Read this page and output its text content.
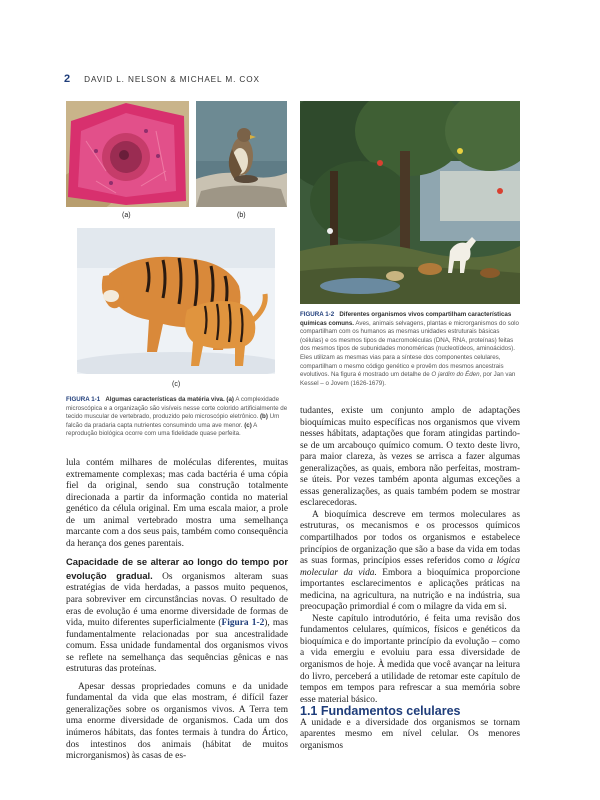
2 DAVID L. NELSON & MICHAEL M. COX
(a)	(b)
(c)
FIGURA 1-1 Algumas características da matéria viva. (a) A complexidade microscópica e a organização são visíveis nesse corte colorido artificialmente de tecido muscular de vertebrado, produzido pelo microscópio eletrônico. (b) Um falcão da pradaria capta nutrientes consumindo uma ave menor. (c) A reprodução biológica ocorre com uma fidelidade quase perfeita.
FIGURA 1-2 Diferentes organismos vivos compartilham características químicas comuns. Aves, animais selvagens, plantas e microrganismos do solo compartilham com os humanos as mesmas unidades estruturais básicas (células) e os mesmos tipos de macromoléculas (DNA, RNA, proteínas) feitas dos mesmos tipos de subunidades monoméricas (nucleotídeos, aminoácidos). Eles utilizam as mesmas vias para a síntese dos componentes celulares, compartilham o mesmo código genético e provêm dos mesmos ancestrais evolutivos. Na figura é mostrado um detalhe de O jardim do Éden, por Jan van Kessel – o Jovem (1626-1679).

lula contém milhares de moléculas diferentes, muitas extremamente complexas; mas cada bactéria é uma cópia fiel da original, sendo sua construção totalmente direcionada a partir da informação contida no material genético da célula original. Em uma escala maior, a prole de um animal vertebrado mostra uma semelhança marcante com a dos seus pais, também como consequência da herança dos genes parentais.

Capacidade de se alterar ao longo do tempo por evolução gradual. Os organismos alteram suas estratégias de vida herdadas, a passos muito pequenos, para sobreviver em circunstâncias novas. O resultado de eras de evolução é uma enorme diversidade de formas de vida, muito diferentes superficialmente (Figura 1-2), mas fundamentalmente relacionadas por sua ancestralidade comum. Essa unidade fundamental dos organismos vivos se reflete na semelhança das sequências gênicas e nas estruturas das proteínas.

Apesar dessas propriedades comuns e da unidade fundamental da vida que elas mostram, é difícil fazer generalizações sobre os organismos vivos. A Terra tem uma enorme diversidade de organismos. Cada um dos inúmeros hábitats, das fontes termais à tundra do Ártico, dos intestinos dos animais (hábitat de muitos microrganismos) às casas de es-

tudantes, existe um conjunto amplo de adaptações bioquímicas muito específicas nos organismos que vivem nesses hábitats, adaptações que foram atingidas partindo-se de um arcabouço químico comum. O texto deste livro, para maior clareza, às vezes se arrisca a fazer algumas generalizações, as quais, embora não perfeitas, mostram-se úteis. Por vezes também aponta algumas exceções a essas generalizações, as quais também podem se mostrar esclarecedoras.

A bioquímica descreve em termos moleculares as estruturas, os mecanismos e os processos químicos compartilhados por todos os organismos e estabelece princípios de organização que são a base da vida em todas as suas formas, princípios esses referidos como a lógica molecular da vida. Embora a bioquímica proporcione importantes esclarecimentos e aplicações práticas na medicina, na agricultura, na nutrição e na indústria, sua preocupação primordial é com o milagre da vida em si.

Neste capítulo introdutório, é feita uma revisão dos fundamentos celulares, químicos, físicos e genéticos da bioquímica e do importante princípio da evolução – como a vida emergiu e evoluiu para essa diversidade de organismos de hoje. À medida que você avançar na leitura do livro, perceberá a utilidade de retomar este capítulo de tempos em tempos para refrescar a sua memória sobre esse material básico.

1.1 Fundamentos celulares

A unidade e a diversidade dos organismos se tornam aparentes mesmo em nível celular. Os menores organismos
